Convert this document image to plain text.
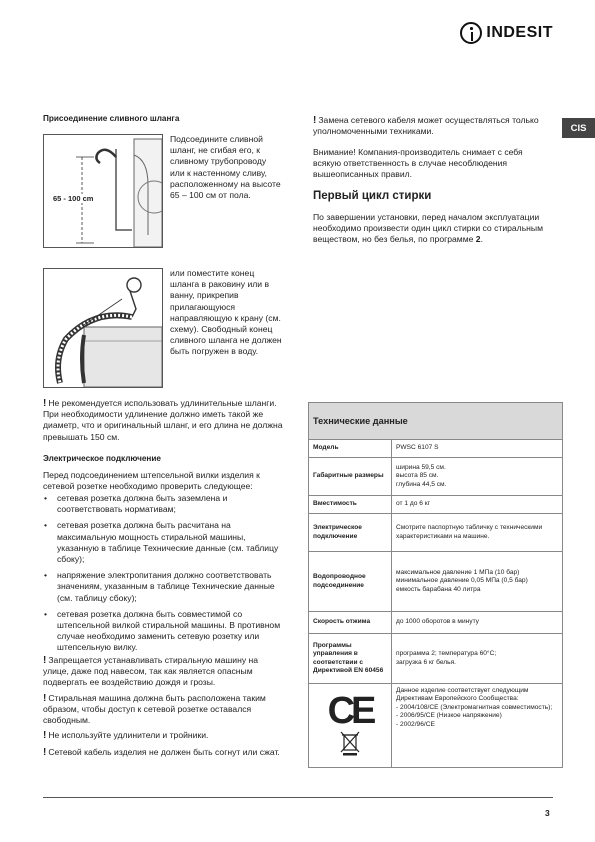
INDESIT
CIS
Присоединение сливного шланга
65 - 100 cm
Подсоедините сливной шланг, не сгибая его, к сливному трубопроводу или к настенному сливу, расположенному на высоте 65 – 100 см от пола.
или поместите конец шланга в раковину или в ванну, прикрепив прилагающуюся направляющую к крану (см. схему). Свободный конец сливного шланга не должен быть погружен в воду.

! Не рекомендуется использовать удлинительные шланги. При необходимости удлинение должно иметь такой же диаметр, что и оригинальный шланг, и его длина не должна превышать 150 см.

Электрическое подключение

Перед подсоединением штепсельной вилки изделия к сетевой розетке необходимо проверить следующее:

• сетевая розетка должна быть заземлена и соответствовать нормативам;
• сетевая розетка должна быть расчитана на максимальную мощность стиральной машины, указанную в таблице Технические данные (см. таблицу сбоку);
• напряжение электропитания должно соответствовать значениям, указанным в таблице Технические данные (см. таблицу сбоку);
• сетевая розетка должна быть совместимой со штепсельной вилкой стиральной машины. В противном случае необходимо заменить сетевую розетку или штепсельную вилку.

! Запрещается устанавливать стиральную машину на улице, даже под навесом, так как является опасным подвергать ее воздействию дождя и грозы.

! Стиральная машина должна быть расположена таким образом, чтобы доступ к сетевой розетке оставался свободным.

! Не используйте удлинители и тройники.

! Сетевой кабель изделия не должен быть согнут или сжат.

! Замена сетевого кабеля может осуществляться только уполномоченными техниками.

Внимание! Компания-производитель снимает с себя всякую ответственность в случае несоблюдения вышеописанных правил.

Первый цикл стирки

По завершении установки, перед началом эксплуатации необходимо произвести один цикл стирки со стиральным веществом, но без белья, по программе 2.

Технические данные	
Модель	PWSC 6107 S
Габаритные размеры	ширина 59,5 см.
высота 85 см.
глубина 44,5 см.
Вместимость	от 1 до 6 кг
Электрическое подключение	Смотрите паспортную табличку с техническими характеристиками на машине.
Водопроводное подсоединение	максимальное давление 1 МПа (10 бар)
минимальное давление 0,05 МПа (0,5 бар)
емкость барабана 40 литра
Скорость отжима	до 1000 оборотов в минуту
Программы управления в соответствии с Директивой EN 60456	программа 2; температура 60°C;
загрузка 6 кг белья.

CE	Данное изделие соответствует следующим Директивам Европейского Сообщества:
- 2004/108/CE (Электромагнитная совместимость);
- 2006/95/CE (Низкое напряжение)
- 2002/96/CE
3
